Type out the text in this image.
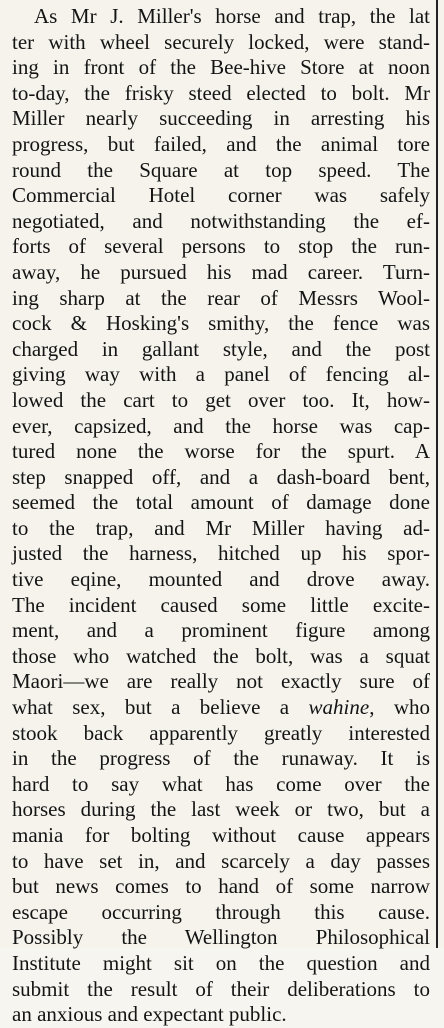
As Mr J. Miller's horse and trap, the lat
ter with wheel securely locked, were stand-
ing in front of the Bee-hive Store at noon
to-day, the frisky steed elected to bolt. Mr
Miller nearly succeeding in arresting his
progress, but failed, and the animal tore
round the Square at top speed. The
Commercial Hotel corner was safely
negotiated, and notwithstanding the ef-
forts of several persons to stop the run-
away, he pursued his mad career. Turn-
ing sharp at the rear of Messrs Wool-
cock & Hosking's smithy, the fence was
charged in gallant style, and the post
giving way with a panel of fencing al-
lowed the cart to get over too. It, how-
ever, capsized, and the horse was cap-
tured none the worse for the spurt. A
step snapped off, and a dash-board bent,
seemed the total amount of damage done
to the trap, and Mr Miller having ad-
justed the harness, hitched up his spor-
tive eqine, mounted and drove away.
The incident caused some little excite-
ment, and a prominent figure among
those who watched the bolt, was a squat
Maori—we are really not exactly sure of
what sex, but a believe a wahine, who
stook back apparently greatly interested
in the progress of the runaway. It is
hard to say what has come over the
horses during the last week or two, but a
mania for bolting without cause appears
to have set in, and scarcely a day passes
but news comes to hand of some narrow
escape occurring through this cause.
Possibly the Wellington Philosophical
Institute might sit on the question and
submit the result of their deliberations to
an anxious and expectant public.
